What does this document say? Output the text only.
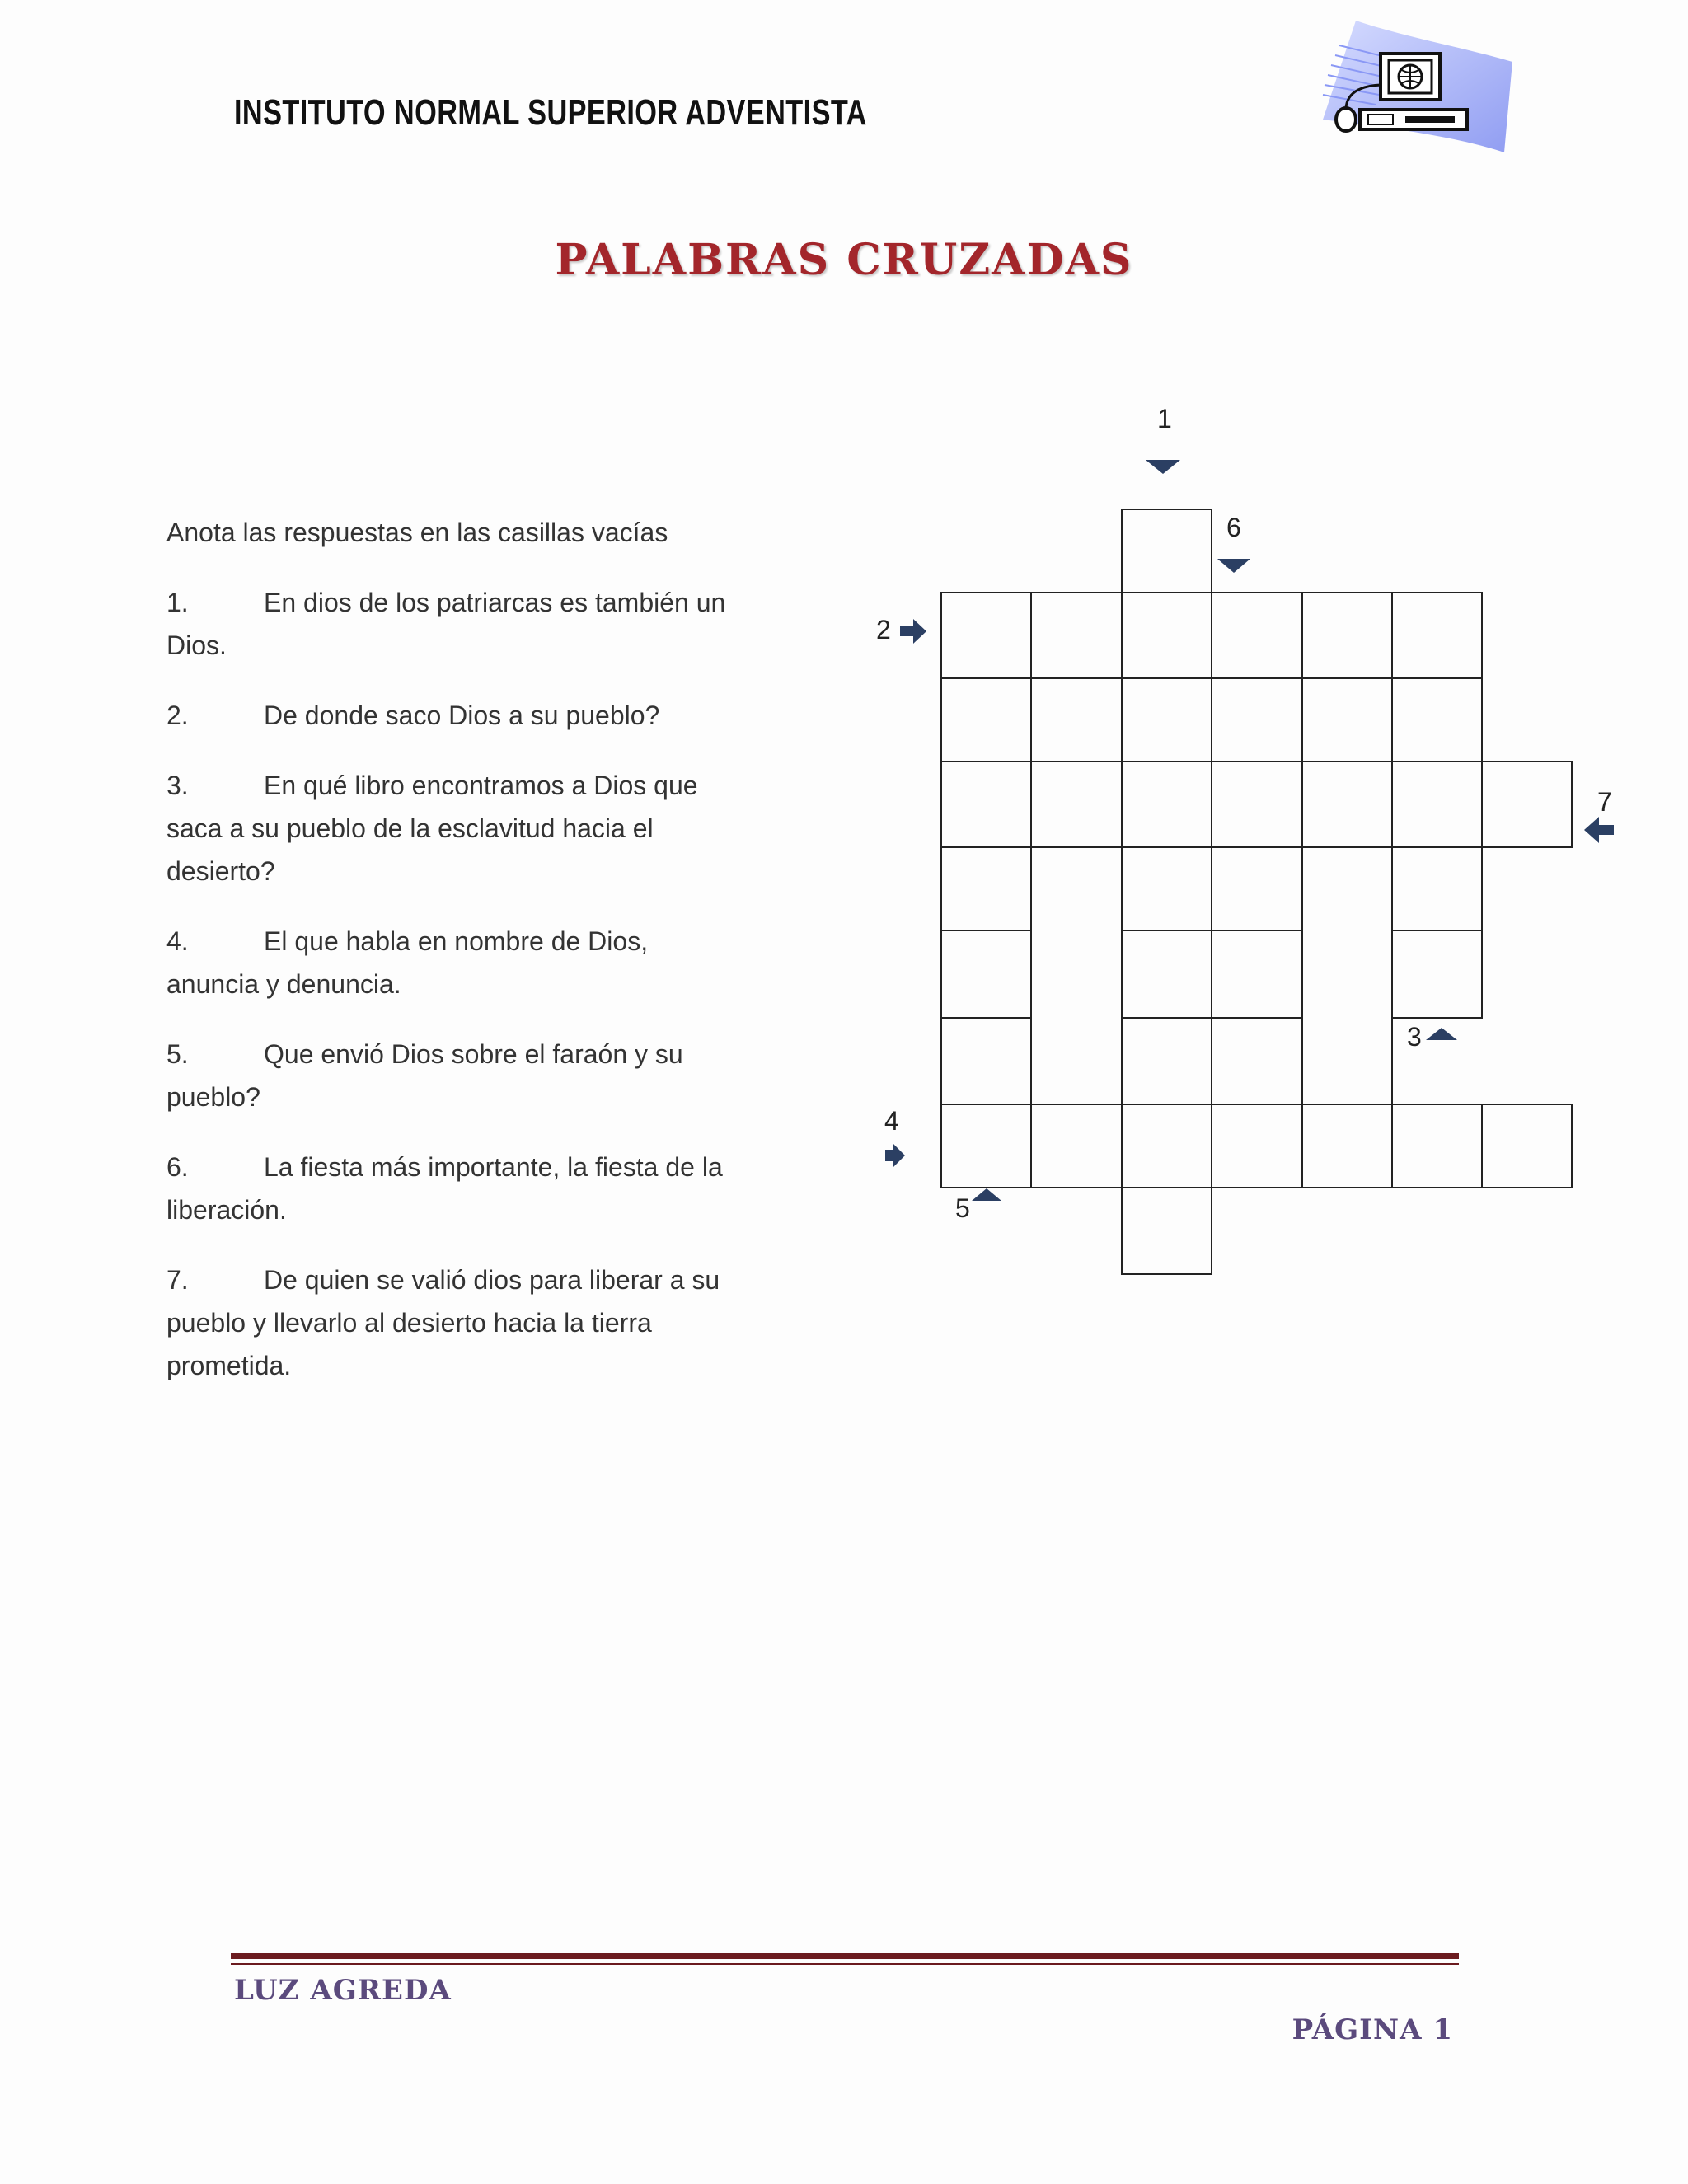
INSTITUTO NORMAL SUPERIOR ADVENTISTA
PALABRAS CRUZADAS

Anota las respuestas en las casillas vacías

1.	En dios de los patriarcas es también un Dios.

2.	De donde saco Dios a su pueblo?

3.	En qué libro encontramos a Dios que saca a su pueblo de la esclavitud hacia el desierto?

4.	El que habla en nombre de Dios, anuncia y denuncia.

5.	Que envió Dios sobre el faraón y su pueblo?

6.	La fiesta más importante, la fiesta de la liberación.

7.	De quien se valió dios para liberar a su pueblo y llevarlo al desierto hacia la tierra prometida.

1
6
2
7
3
4
5
LUZ AGREDA
PÁGINA 1
